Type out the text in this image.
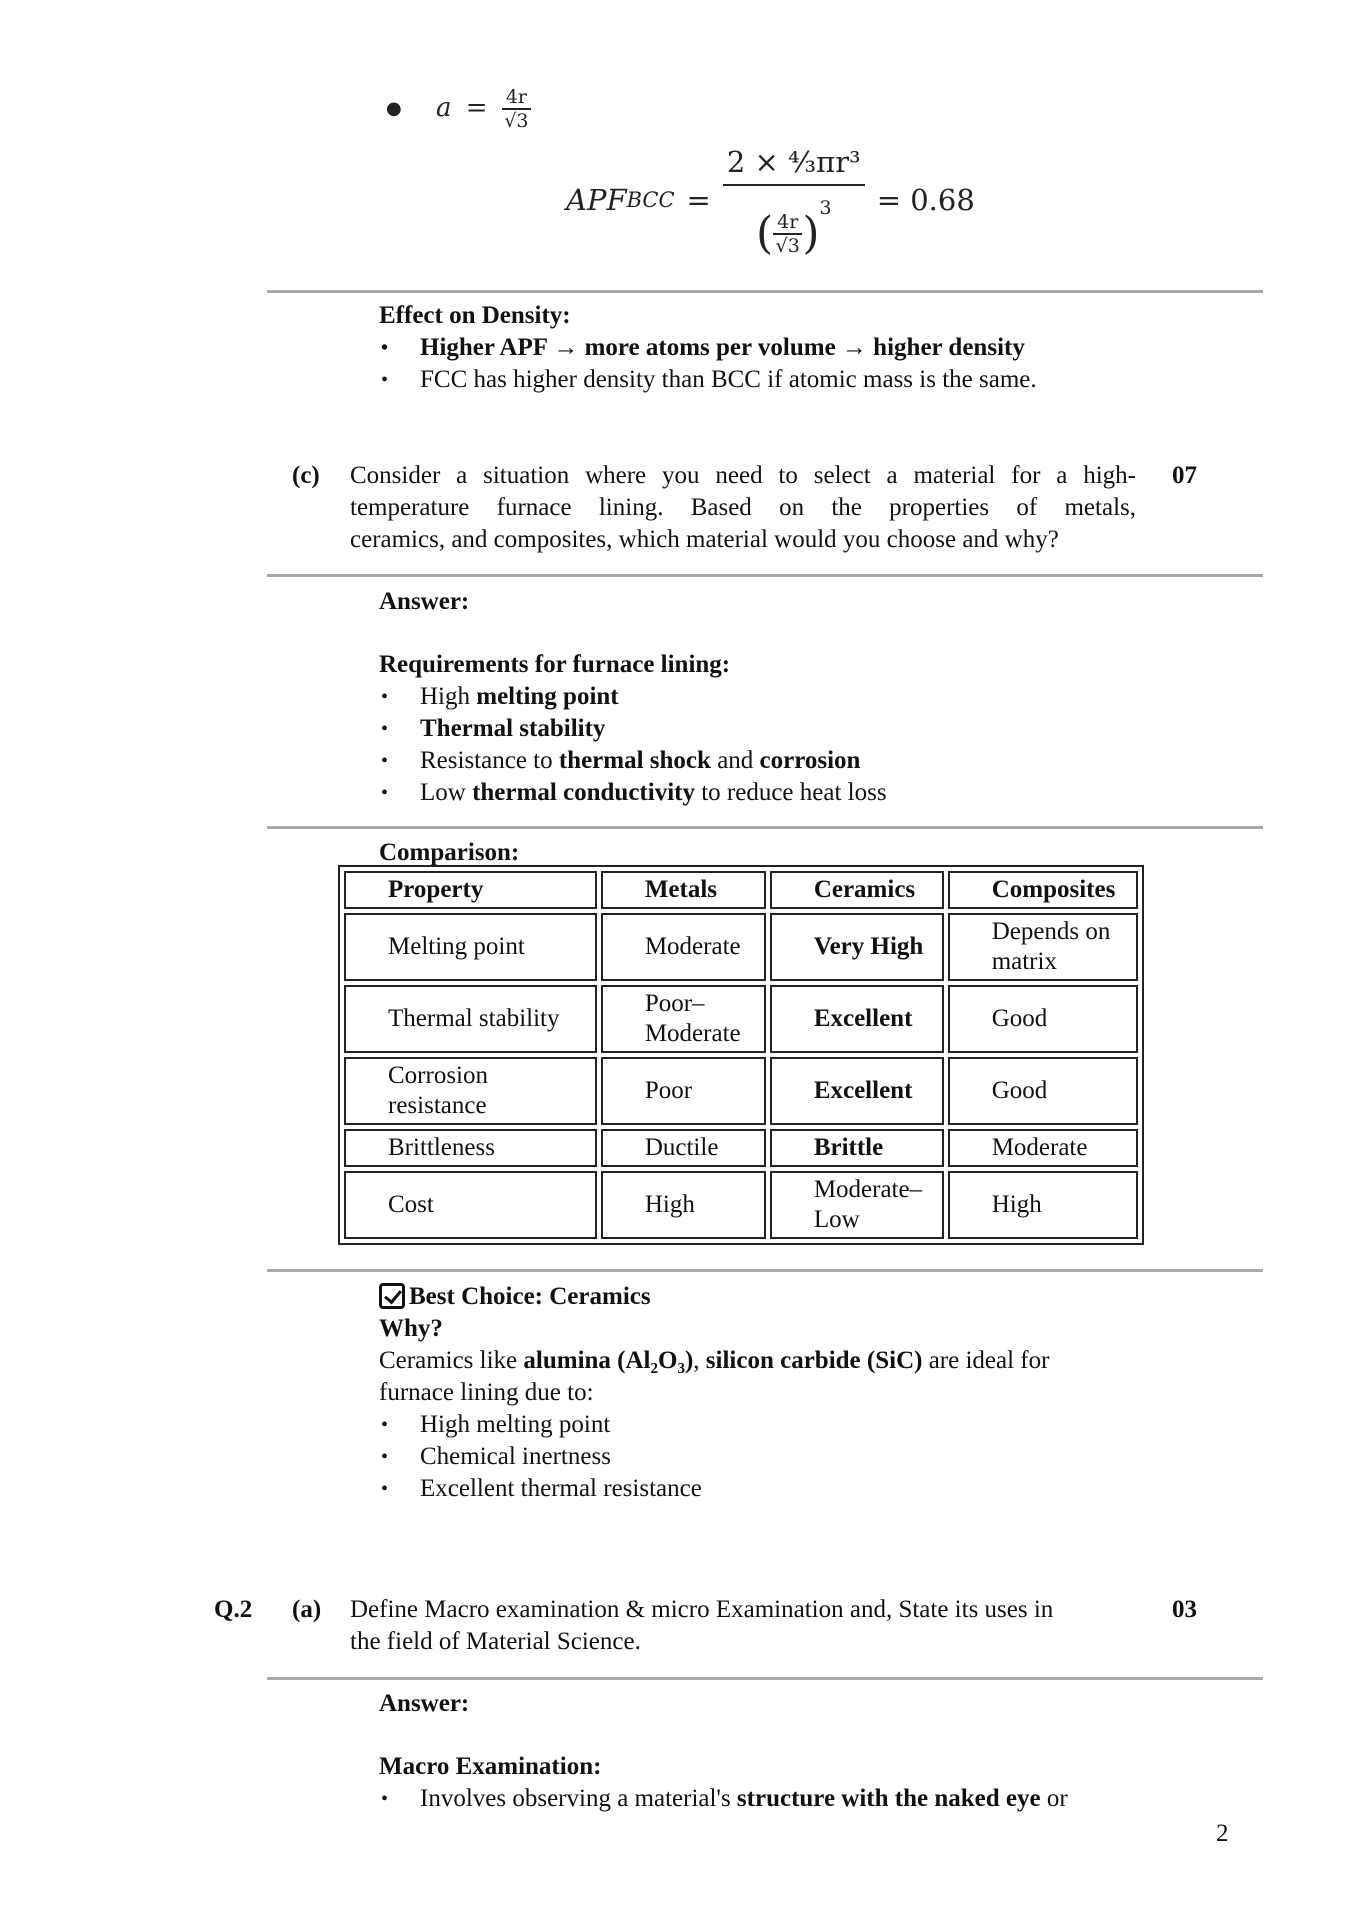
● $a = \frac{4r}{√3}$
APF BCC = $\frac{\text{2 × ⁴⁄₃πr³}}{( \frac{4r}{√3} )^3} = 0.68$
Effect on Density:
• Higher APF → more atoms per volume → higher density
• FCC has higher density than BCC if atomic mass is the same.
(c) Consider a situation where you need to select a material for a high-
temperature furnace lining. Based on the properties of metals,
ceramics, and composites, which material would you choose and why?
07
Answer:
Requirements for furnace lining:
• High melting point
• Thermal stability
• Resistance to thermal shock and corrosion
• Low thermal conductivity to reduce heat loss
Comparison:
Property	Metals	Ceramics	Composites
Melting point	Moderate	Very High	Depends on matrix
Thermal stability	Poor– Moderate	Excellent	Good
Corrosion resistance	Poor	Excellent	Good
Brittleness	Ductile	Brittle	Moderate
Cost	High	Moderate– Low	High
Best Choice: Ceramics
Why?
Ceramics like alumina (Al₂O₃), silicon carbide (SiC) are ideal for
furnace lining due to:
• High melting point
• Chemical inertness
• Excellent thermal resistance
Q.2 (a) Define Macro examination & micro Examination and, State its uses in
the field of Material Science.
03
Answer:
Macro Examination:
• Involves observing a material's structure with the naked eye or
2
